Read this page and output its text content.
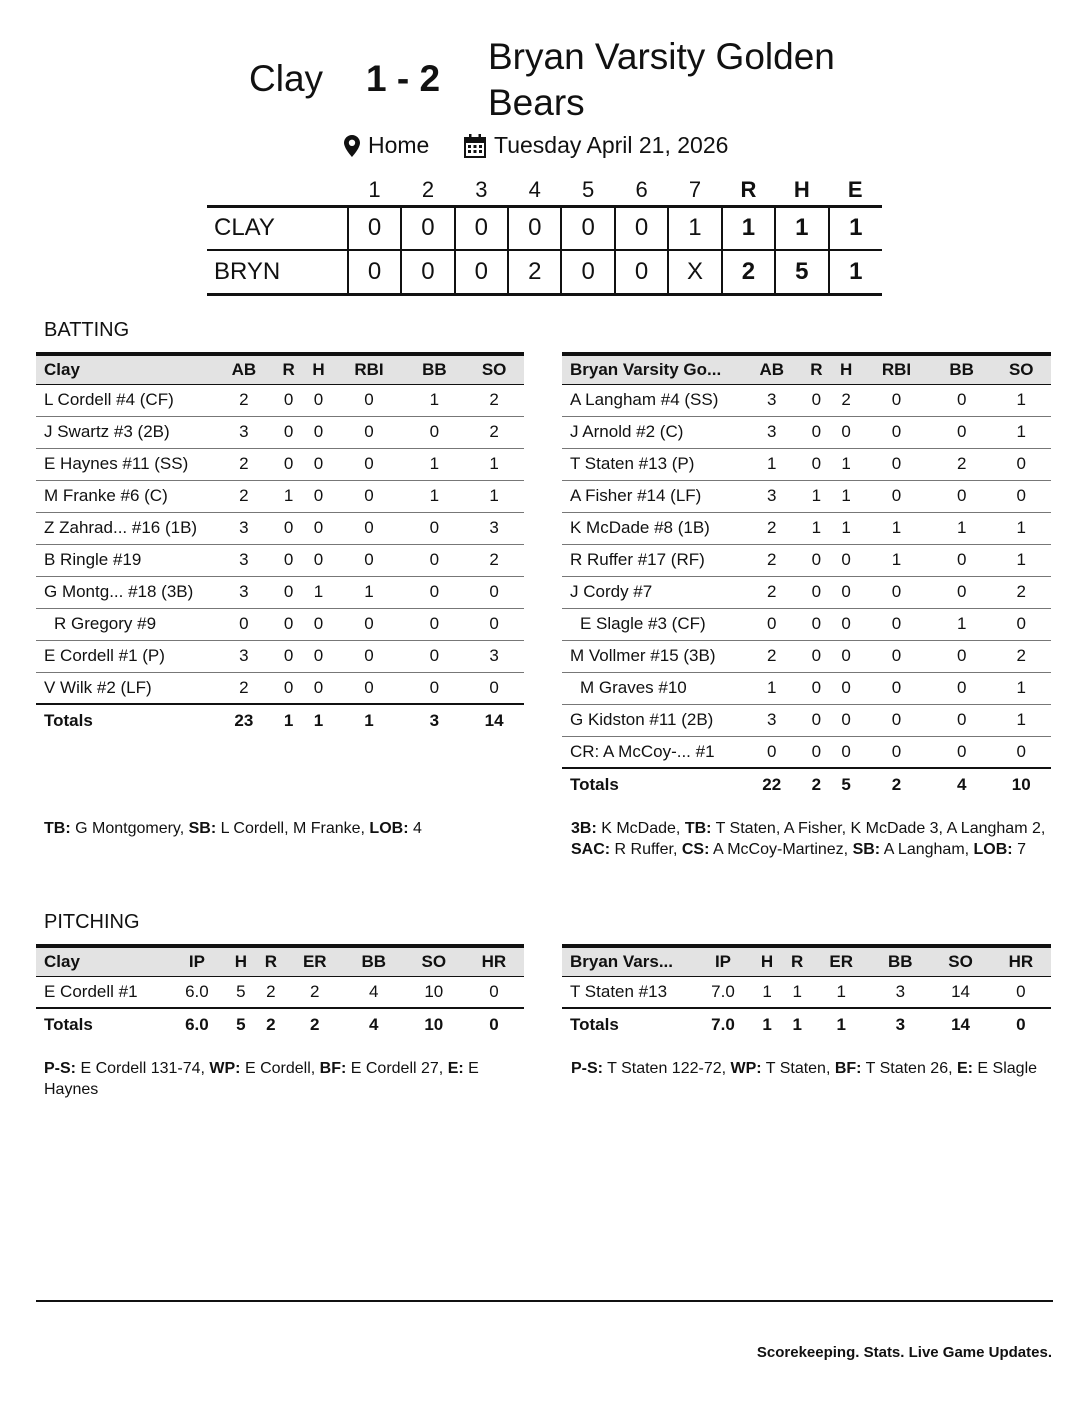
Clay 1 - 2
Bryan Varsity Golden Bears
Home	Tuesday April 21, 2026
	1	2	3	4	5	6	7	R	H	E
CLAY	0	0	0	0	0	0	1	1	1	1
BRYN	0	0	0	2	0	0	X	2	5	1
BATTING
Clay	AB	R	H	RBI	BB	SO
L Cordell #4 (CF)	2	0	0	0	1	2
J Swartz #3 (2B)	3	0	0	0	0	2
E Haynes #11 (SS)	2	0	0	0	1	1
M Franke #6 (C)	2	1	0	0	1	1
Z Zahrad... #16 (1B)	3	0	0	0	0	3
B Ringle #19	3	0	0	0	0	2
G Montg... #18 (3B)	3	0	1	1	0	0
R Gregory #9	0	0	0	0	0	0
E Cordell #1 (P)	3	0	0	0	0	3
V Wilk #2 (LF)	2	0	0	0	0	0
Totals	23	1	1	1	3	14
Bryan Varsity Go...	AB	R	H	RBI	BB	SO
A Langham #4 (SS)	3	0	2	0	0	1
J Arnold #2 (C)	3	0	0	0	0	1
T Staten #13 (P)	1	0	1	0	2	0
A Fisher #14 (LF)	3	1	1	0	0	0
K McDade #8 (1B)	2	1	1	1	1	1
R Ruffer #17 (RF)	2	0	0	1	0	1
J Cordy #7	2	0	0	0	0	2
E Slagle #3 (CF)	0	0	0	0	1	0
M Vollmer #15 (3B)	2	0	0	0	0	2
M Graves #10	1	0	0	0	0	1
G Kidston #11 (2B)	3	0	0	0	0	1
CR: A McCoy-... #1	0	0	0	0	0	0
Totals	22	2	5	2	4	10
TB: G Montgomery, SB: L Cordell, M Franke, LOB: 4	3B: K McDade, TB: T Staten, A Fisher, K McDade 3, A Langham 2, SAC: R Ruffer, CS: A McCoy-Martinez, SB: A Langham, LOB: 7
PITCHING
Clay	IP	H	R	ER	BB	SO	HR
E Cordell #1	6.0	5	2	2	4	10	0
Totals	6.0	5	2	2	4	10	0
Bryan Vars...	IP	H	R	ER	BB	SO	HR
T Staten #13	7.0	1	1	1	3	14	0
Totals	7.0	1	1	1	3	14	0
P-S: E Cordell 131-74, WP: E Cordell, BF: E Cordell 27, E: E Haynes
P-S: T Staten 122-72, WP: T Staten, BF: T Staten 26, E: E Slagle
Scorekeeping. Stats. Live Game Updates.
